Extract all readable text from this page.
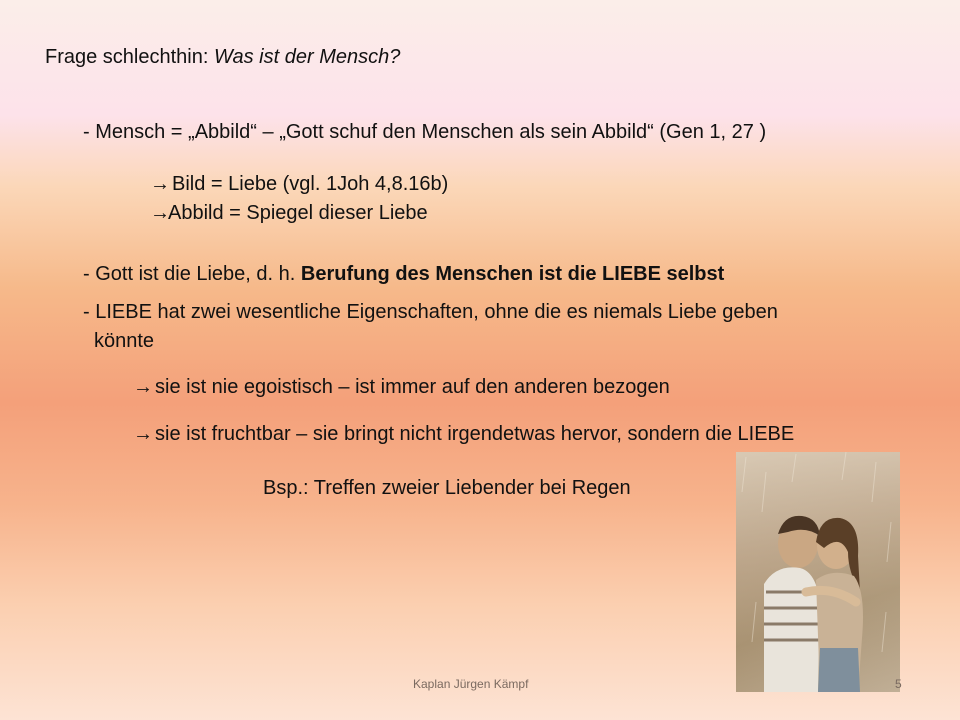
Frage schlechthin: Was ist der Mensch?
- Mensch = „Abbild“ – „Gott schuf den Menschen als sein Abbild“ (Gen 1, 27 )
→ Bild = Liebe (vgl. 1Joh 4,8.16b)
→Abbild = Spiegel dieser Liebe
- Gott ist die Liebe, d. h. Berufung des Menschen ist die LIEBE selbst
- LIEBE hat zwei wesentliche Eigenschaften, ohne die es niemals Liebe geben
könnte
→ sie ist nie egoistisch – ist immer auf den anderen bezogen
→ sie ist fruchtbar – sie bringt nicht irgendetwas hervor, sondern die LIEBE
Bsp.: Treffen zweier Liebender bei Regen
Kaplan Jürgen Kämpf	5
